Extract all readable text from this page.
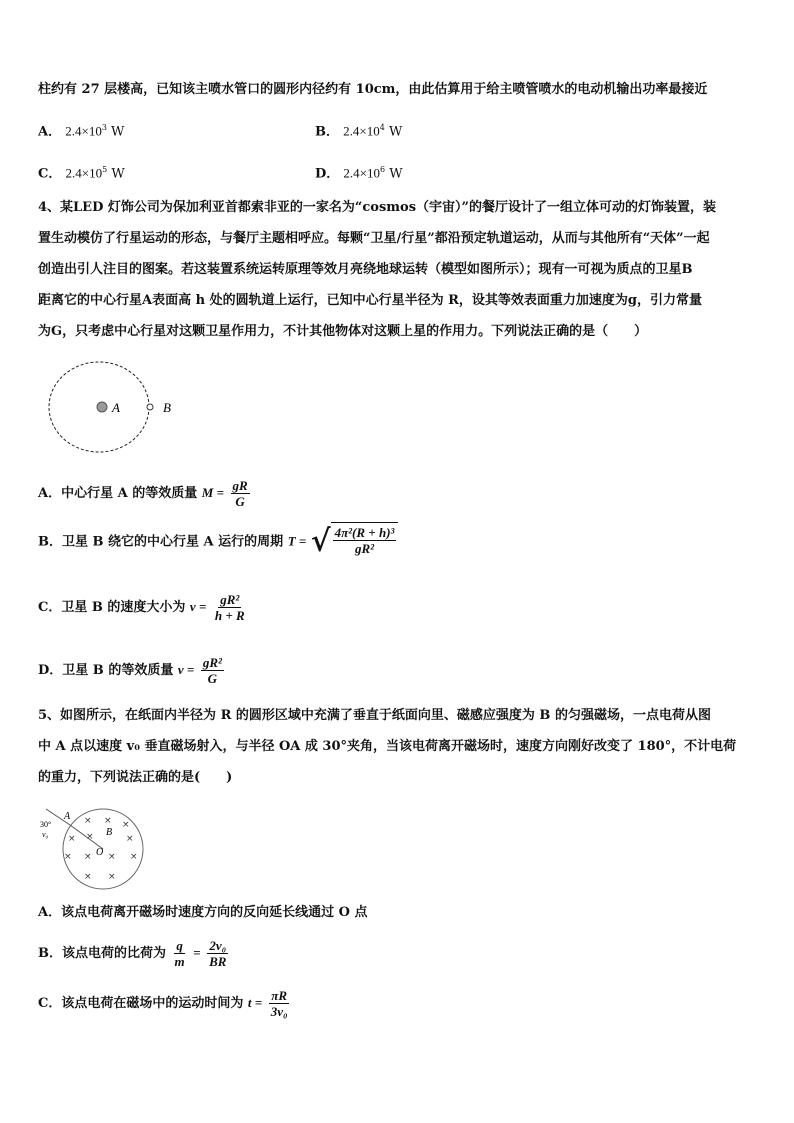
柱约有 27 层楼高，已知该主喷水管口的圆形内径约有 10cm，由此估算用于给主喷管喷水的电动机输出功率最接近
A． $2.4\times 10^3$ W	B． $2.4\times 10^4$ W
C． $2.4\times 10^5$ W	D． $2.4\times 10^6$ W
4、某LED 灯饰公司为保加利亚首都索非亚的一家名为“cosmos（宇宙）”的餐厅设计了一组立体可动的灯饰装置，装
置生动模仿了行星运动的形态，与餐厅主题相呼应。每颗“卫星/行星”都沿预定轨道运动，从而与其他所有“天体”一起
创造出引人注目的图案。若这装置系统运转原理等效月亮绕地球运转（模型如图所示）；现有一可视为质点的卫星B
距离它的中心行星A表面高 h 处的圆轨道上运行，已知中心行星半径为 R，设其等效表面重力加速度为g，引力常量
为G，只考虑中心行星对这颗卫星作用力，不计其他物体对这颗上星的作用力。下列说法正确的是（　　）
A	B
A．中心行星 A 的等效质量 $M = \frac{gR}{G}$
B．卫星 B 绕它的中心行星 A 运行的周期 T = √ $\frac{\text{4π²(R + h)³}}{\text{gR²}}$
C．卫星 B 的速度大小为 $v = \frac{\text{gR²}}{h + R}$
D．卫星 B 的等效质量 $v = \frac{\text{gR²}}{G}$
5、如图所示，在纸面内半径为 R 的圆形区域中充满了垂直于纸面向里、磁感应强度为 B 的匀强磁场，一点电荷从图
中 A 点以速度 v₀ 垂直磁场射入，与半径 OA 成 30°夹角，当该电荷离开磁场时，速度方向刚好改变了 180°，不计电荷
的重力，下列说法正确的是(　　)
30°
v₀
A
B
O
× × ×
× ×	×
× × × ×
× ×
A．该点电荷离开磁场时速度方向的反向延长线通过 O 点
B．该点电荷的比荷为 $\frac{q}{m} = \frac{\text{2v₀}}{BR}$
C．该点电荷在磁场中的运动时间为 $t = \frac{\pi R}{\text{3v₀}}$
